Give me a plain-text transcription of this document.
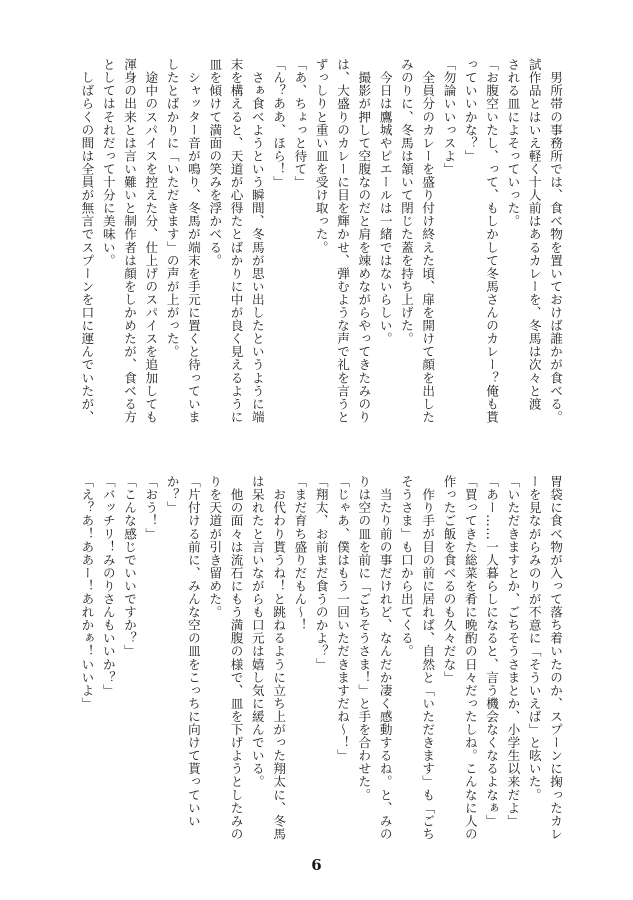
　男所帯の事務所では、食べ物を置いておけば誰かが食べる。

試作品とはいえ軽く十人前はあるカレーを、冬馬は次々と渡

される皿によそっていった。

「お腹空いたし、って、もしかして冬馬さんのカレー？俺も貰

っていいかな？」

「勿論いいっスよ」

　全員分のカレーを盛り付け終えた頃、扉を開けて顔を出した

みのりに、冬馬は頷いて閉じた蓋を持ち上げた。

　今日は鷹城やピエールは一緒ではないらしい。

　撮影が押して空腹なのだと肩を竦めながらやってきたみのり

は、大盛りのカレーに目を輝かせ、弾むような声で礼を言うと

ずっしりと重い皿を受け取った。

「あ、ちょっと待て」

「ん？ああ、ほら！」

　さぁ食べようという瞬間、冬馬が思い出したというように端

末を構えると、天道が心得たとばかりに中が良く見えるように

皿を傾けて満面の笑みを浮かべる。

　シャッター音が鳴り、冬馬が端末を手元に置くと待っていま

したとばかりに「いただきます」の声が上がった。

　途中のスパイスを控えた分、仕上げのスパイスを追加しても

渾身の出来とは言い難いと制作者は顔をしかめたが、食べる方

としてはそれだって十分に美味い。

　しばらくの間は全員が無言でスプーンを口に運んでいたが、

胃袋に食べ物が入って落ち着いたのか、スプーンに掬ったカレ

ーを見ながらみのりが不意に「そういえば」と呟いた。

「いただきますとか、ごちそうさまとか、小学生以来だよ」

「あー……一人暮らしになると、言う機会なくなるよなぁ」

「買ってきた総菜を肴に晩酌の日々だったしね。こんなに人の

作ったご飯を食べるのも久々だな」

　作り手が目の前に居れば、自然と「いただきます」も「ごち

そうさま」も口から出てくる。

　当たり前の事だけれど、なんだか凄く感動するね。と、みの

りは空の皿を前に「ごちそうさま！」と手を合わせた。

「じゃあ、僕はもう一回いただきますだね～！」

「翔太、お前まだ食うのかよ？」

「まだ育ち盛りだもん～！

　お代わり貰うね！と跳ねるように立ち上がった翔太に、冬馬

は呆れたと言いながらも口元は嬉し気に緩んでいる。

　他の面々は流石にもう満腹の様で、皿を下げようとしたみの

りを天道が引き留めた。

「片付ける前に、みんな空の皿をこっちに向けて貰っていい

か？」

「おう！」

「こんな感じでいいですか？」

「バッチリ！みのりさんもいいか？」

「え？あ！ああー！あれかぁ！いいよ」

6
